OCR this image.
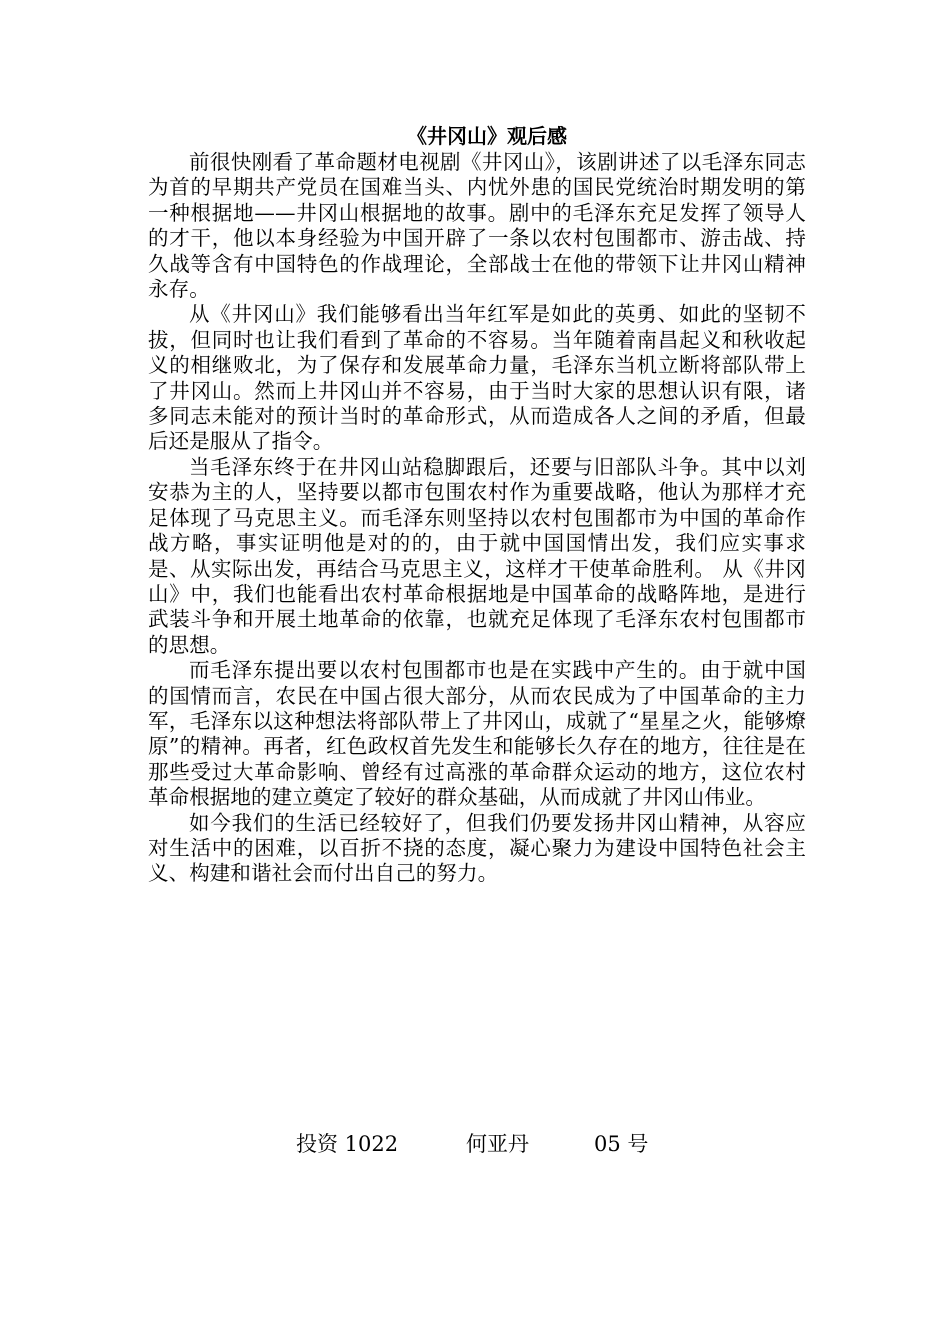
《井冈山》观后感

前很快刚看了革命题材电视剧《井冈山》，该剧讲述了以毛泽东同志为首的早期共产党员在国难当头、内忧外患的国民党统治时期发明的第一种根据地——井冈山根据地的故事。剧中的毛泽东充足发挥了领导人的才干，他以本身经验为中国开辟了一条以农村包围都市、游击战、持久战等含有中国特色的作战理论，全部战士在他的带领下让井冈山精神永存。

从《井冈山》我们能够看出当年红军是如此的英勇、如此的坚韧不拔，但同时也让我们看到了革命的不容易。当年随着南昌起义和秋收起义的相继败北，为了保存和发展革命力量，毛泽东当机立断将部队带上了井冈山。然而上井冈山并不容易，由于当时大家的思想认识有限，诸多同志未能对的预计当时的革命形式，从而造成各人之间的矛盾，但最后还是服从了指令。

当毛泽东终于在井冈山站稳脚跟后，还要与旧部队斗争。其中以刘安恭为主的人，坚持要以都市包围农村作为重要战略，他认为那样才充足体现了马克思主义。而毛泽东则坚持以农村包围都市为中国的革命作战方略，事实证明他是对的的，由于就中国国情出发，我们应实事求是、从实际出发，再结合马克思主义，这样才干使革命胜利。 从《井冈山》中，我们也能看出农村革命根据地是中国革命的战略阵地，是进行武装斗争和开展土地革命的依靠，也就充足体现了毛泽东农村包围都市的思想。

而毛泽东提出要以农村包围都市也是在实践中产生的。由于就中国的国情而言，农民在中国占很大部分，从而农民成为了中国革命的主力军，毛泽东以这种想法将部队带上了井冈山，成就了“星星之火，能够燎原”的精神。再者，红色政权首先发生和能够长久存在的地方，往往是在那些受过大革命影响、曾经有过高涨的革命群众运动的地方，这位农村革命根据地的建立奠定了较好的群众基础，从而成就了井冈山伟业。

如今我们的生活已经较好了，但我们仍要发扬井冈山精神，从容应对生活中的困难，以百折不挠的态度，凝心聚力为建设中国特色社会主义、构建和谐社会而付出自己的努力。

投资 1022	何亚丹	05 号
